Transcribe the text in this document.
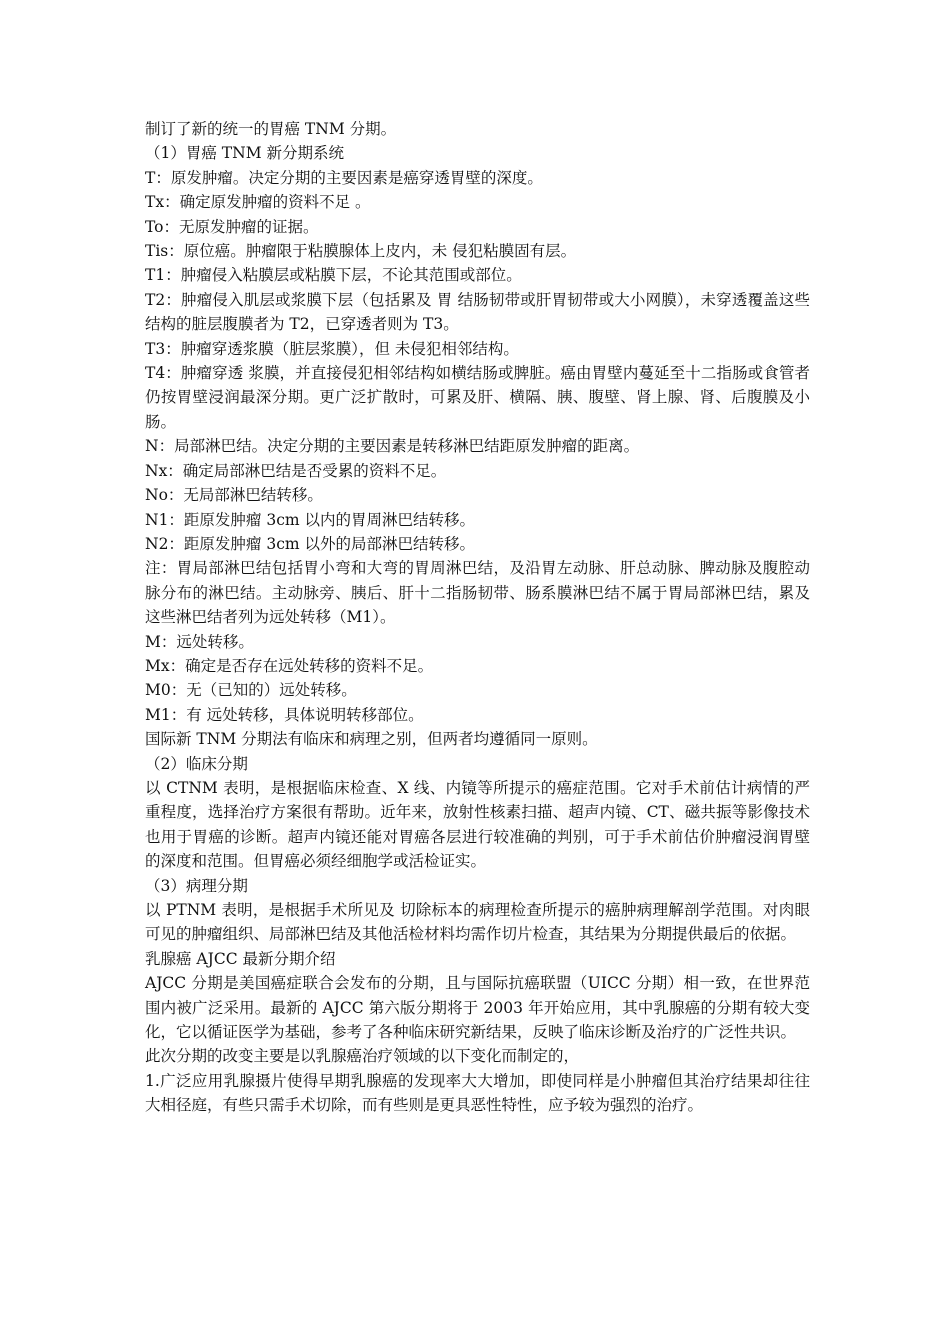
制订了新的统一的胃癌 TNM 分期。

（1）胃癌 TNM 新分期系统

T：原发肿瘤。决定分期的主要因素是癌穿透胃壁的深度。

Tx：确定原发肿瘤的资料不足 。

To：无原发肿瘤的证据。

Tis：原位癌。肿瘤限于粘膜腺体上皮内，未 侵犯粘膜固有层。

T1：肿瘤侵入粘膜层或粘膜下层，不论其范围或部位。

T2：肿瘤侵入肌层或浆膜下层（包括累及 胃 结肠韧带或肝胃韧带或大小网膜），未穿透覆盖这些结构的脏层腹膜者为 T2，已穿透者则为 T3。

T3：肿瘤穿透浆膜（脏层浆膜），但 未侵犯相邻结构。

T4：肿瘤穿透 浆膜，并直接侵犯相邻结构如横结肠或脾脏。癌由胃壁内蔓延至十二指肠或食管者仍按胃壁浸润最深分期。更广泛扩散时，可累及肝、横隔、胰、腹壁、肾上腺、肾、后腹膜及小肠。

N：局部淋巴结。决定分期的主要因素是转移淋巴结距原发肿瘤的距离。

Nx：确定局部淋巴结是否受累的资料不足。

No：无局部淋巴结转移。

N1：距原发肿瘤 3cm 以内的胃周淋巴结转移。

N2：距原发肿瘤 3cm 以外的局部淋巴结转移。

注：胃局部淋巴结包括胃小弯和大弯的胃周淋巴结，及沿胃左动脉、肝总动脉、脾动脉及腹腔动脉分布的淋巴结。主动脉旁、胰后、肝十二指肠韧带、肠系膜淋巴结不属于胃局部淋巴结，累及这些淋巴结者列为远处转移（M1）。

M：远处转移。

Mx：确定是否存在远处转移的资料不足。

M0：无（已知的）远处转移。

M1：有 远处转移，具体说明转移部位。

国际新 TNM 分期法有临床和病理之别，但两者均遵循同一原则。

（2）临床分期

以 CTNM 表明，是根据临床检查、X 线、内镜等所提示的癌症范围。它对手术前估计病情的严重程度，选择治疗方案很有帮助。近年来，放射性核素扫描、超声内镜、CT、磁共振等影像技术也用于胃癌的诊断。超声内镜还能对胃癌各层进行较准确的判别，可于手术前估价肿瘤浸润胃壁的深度和范围。但胃癌必须经细胞学或活检证实。

（3）病理分期

以 PTNM 表明，是根据手术所见及 切除标本的病理检查所提示的癌肿病理解剖学范围。对肉眼 可见的肿瘤组织、局部淋巴结及其他活检材料均需作切片检查，其结果为分期提供最后的依据。

乳腺癌 AJCC 最新分期介绍

AJCC 分期是美国癌症联合会发布的分期，且与国际抗癌联盟（UICC 分期）相一致，在世界范围内被广泛采用。最新的 AJCC 第六版分期将于 2003 年开始应用，其中乳腺癌的分期有较大变化，它以循证医学为基础，参考了各种临床研究新结果，反映了临床诊断及治疗的广泛性共识。

此次分期的改变主要是以乳腺癌治疗领域的以下变化而制定的，

1.广泛应用乳腺摄片使得早期乳腺癌的发现率大大增加，即使同样是小肿瘤但其治疗结果却往往大相径庭，有些只需手术切除，而有些则是更具恶性特性，应予较为强烈的治疗。
